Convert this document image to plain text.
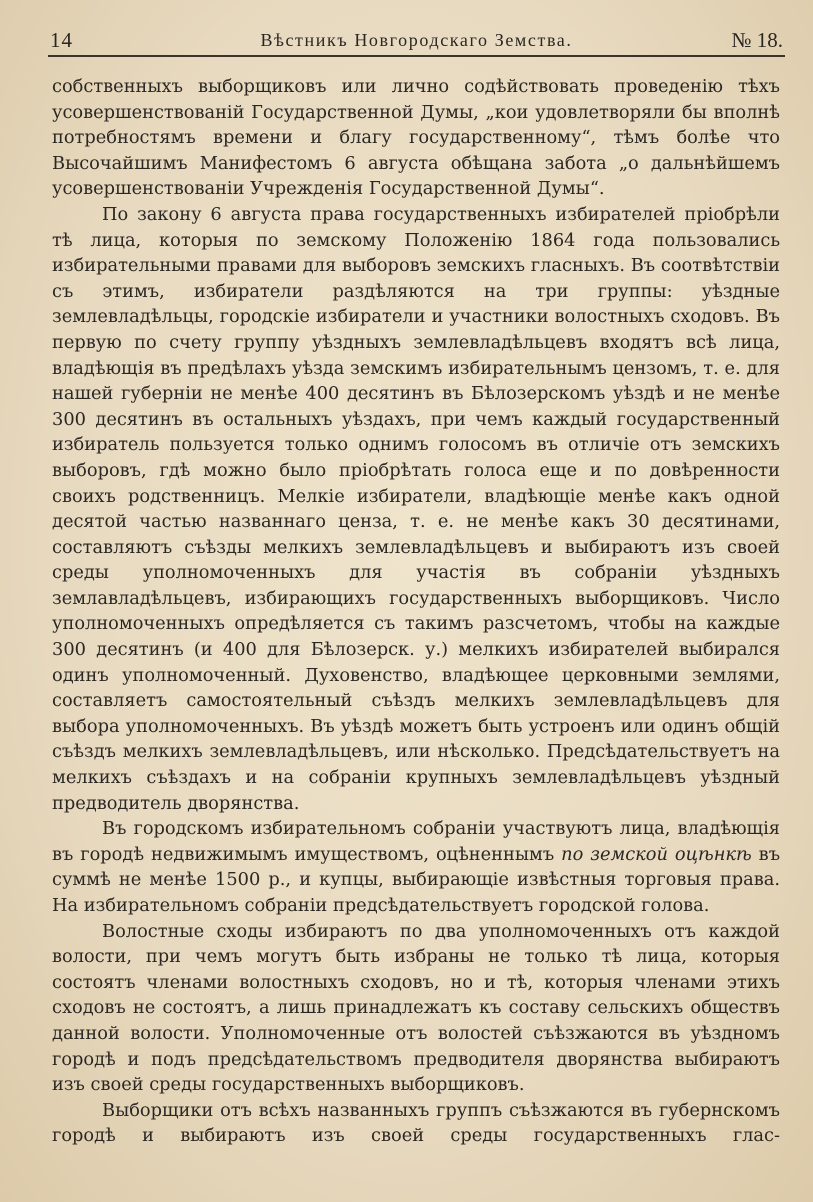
14	Вѣстникъ Новгородскаго Земства.	№ 18.

собственныхъ выборщиковъ или лично содѣйствовать проведенію тѣхъ усовершенствованій Государственной Думы, „кои удовлетворяли бы вполнѣ потребностямъ времени и благу государственному“, тѣмъ болѣе что Высочайшимъ Манифестомъ 6 августа обѣщана забота „о дальнѣйшемъ усовершенствованіи Учрежденія Государственной Думы“.

По закону 6 августа права государственныхъ избирателей пріобрѣли тѣ лица, которыя по земскому Положенію 1864 года пользовались избирательными правами для выборовъ земскихъ гласныхъ. Въ соотвѣтствіи съ этимъ, избиратели раздѣляются на три группы: уѣздные землевладѣльцы, городскіе избиратели и участники волостныхъ сходовъ. Въ первую по счету группу уѣздныхъ землевладѣльцевъ входятъ всѣ лица, владѣющія въ предѣлахъ уѣзда земскимъ избирательнымъ цензомъ, т. е. для нашей губерніи не менѣе 400 десятинъ въ Бѣлозерскомъ уѣздѣ и не менѣе 300 десятинъ въ остальныхъ уѣздахъ, при чемъ каждый государственный избиратель пользуется только однимъ голосомъ въ отличіе отъ земскихъ выборовъ, гдѣ можно было пріобрѣтать голоса еще и по довѣренности своихъ родственницъ. Мелкіе избиратели, владѣющіе менѣе какъ одной десятой частью названнаго ценза, т. е. не менѣе какъ 30 десятинами, составляютъ съѣзды мелкихъ землевладѣльцевъ и выбираютъ изъ своей среды уполномоченныхъ для участія въ собраніи уѣздныхъ землавладѣльцевъ, избирающихъ государственныхъ выборщиковъ. Число уполномоченныхъ опредѣляется съ такимъ разсчетомъ, чтобы на каждые 300 десятинъ (и 400 для Бѣлозерск. у.) мелкихъ избирателей выбирался одинъ уполномоченный. Духовенство, владѣющее церковными землями, составляетъ самостоятельный съѣздъ мелкихъ землевладѣльцевъ для выбора уполномоченныхъ. Въ уѣздѣ можетъ быть устроенъ или одинъ общій съѣздъ мелкихъ землевладѣльцевъ, или нѣсколько. Предсѣдательствуетъ на мелкихъ съѣздахъ и на собраніи крупныхъ землевладѣльцевъ уѣздный предводитель дворянства.

Въ городскомъ избирательномъ собраніи участвуютъ лица, владѣющія въ городѣ недвижимымъ имуществомъ, оцѣненнымъ по земской оцѣнкѣ въ суммѣ не менѣе 1500 р., и купцы, выбирающіе извѣстныя торговыя права. На избирательномъ собраніи предсѣдательствуетъ городской голова.

Волостные сходы избираютъ по два уполномоченныхъ отъ каждой волости, при чемъ могутъ быть избраны не только тѣ лица, которыя состоятъ членами волостныхъ сходовъ, но и тѣ, которыя членами этихъ сходовъ не состоятъ, а лишь принадлежатъ къ составу сельскихъ обществъ данной волости. Уполномоченные отъ волостей съѣзжаются въ уѣздномъ городѣ и подъ предсѣдательствомъ предводителя дворянства выбираютъ изъ своей среды государственныхъ выборщиковъ.

Выборщики отъ всѣхъ названныхъ группъ съѣзжаются въ губернскомъ городѣ и выбираютъ изъ своей среды государственныхъ глас-
